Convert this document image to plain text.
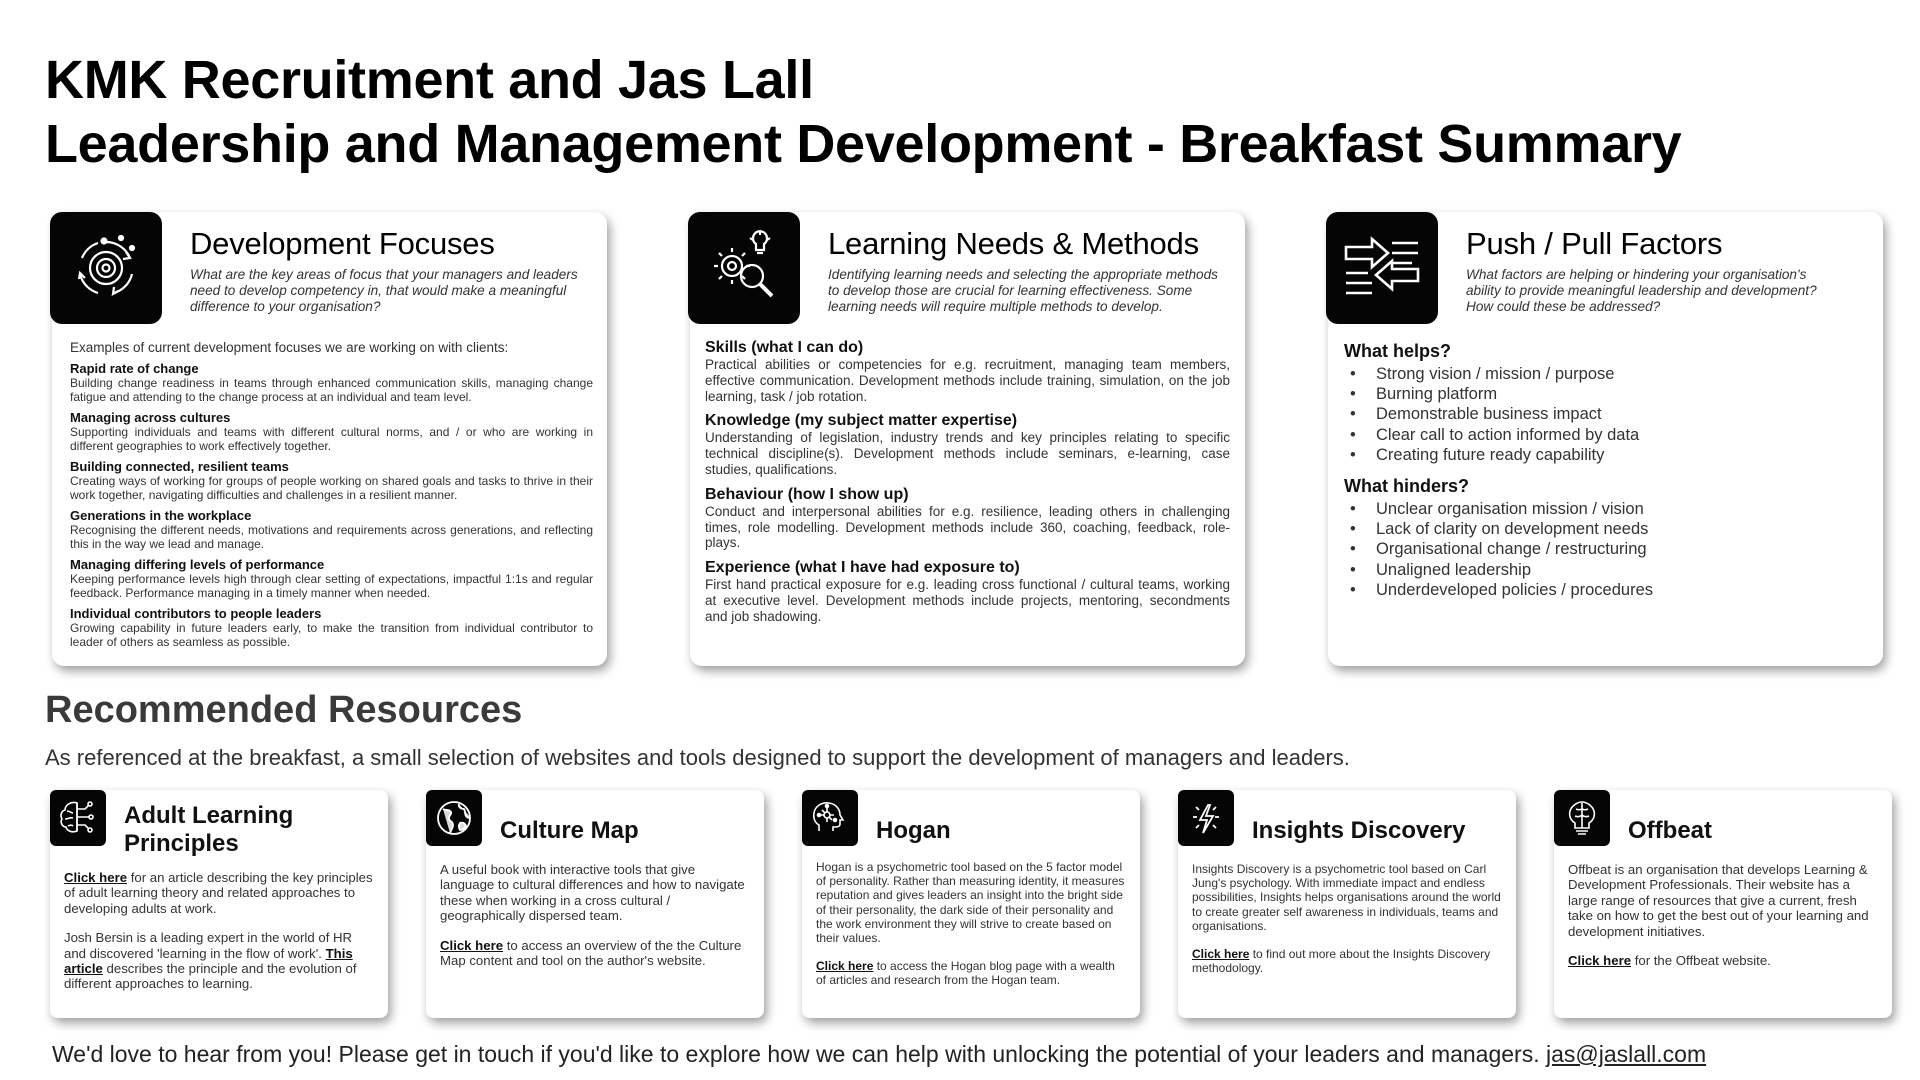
KMK Recruitment and Jas Lall
Leadership and Management Development - Breakfast Summary
Development Focuses
What are the key areas of focus that your managers and leaders need to develop competency in, that would make a meaningful difference to your organisation?
Examples of current development focuses we are working on with clients:
Rapid rate of change
Building change readiness in teams through enhanced communication skills, managing change fatigue and attending to the change process at an individual and team level.
Managing across cultures
Supporting individuals and teams with different cultural norms, and / or who are working in different geographies to work effectively together.
Building connected, resilient teams
Creating ways of working for groups of people working on shared goals and tasks to thrive in their work together, navigating difficulties and challenges in a resilient manner.
Generations in the workplace
Recognising the different needs, motivations and requirements across generations, and reflecting this in the way we lead and manage.
Managing differing levels of performance
Keeping performance levels high through clear setting of expectations, impactful 1:1s and regular feedback. Performance managing in a timely manner when needed.
Individual contributors to people leaders
Growing capability in future leaders early, to make the transition from individual contributor to leader of others as seamless as possible.
Learning Needs & Methods
Identifying learning needs and selecting the appropriate methods to develop those are crucial for learning effectiveness. Some learning needs will require multiple methods to develop.
Skills (what I can do)
Practical abilities or competencies for e.g. recruitment, managing team members, effective communication. Development methods include training, simulation, on the job learning, task / job rotation.
Knowledge (my subject matter expertise)
Understanding of legislation, industry trends and key principles relating to specific technical discipline(s). Development methods include seminars, e-learning, case studies, qualifications.
Behaviour (how I show up)
Conduct and interpersonal abilities for e.g. resilience, leading others in challenging times, role modelling. Development methods include 360, coaching, feedback, role-plays.
Experience (what I have had exposure to)
First hand practical exposure for e.g. leading cross functional / cultural teams, working at executive level. Development methods include projects, mentoring, secondments and job shadowing.
Push / Pull Factors
What factors are helping or hindering your organisation's ability to provide meaningful leadership and development? How could these be addressed?
What helps?
• Strong vision / mission / purpose
• Burning platform
• Demonstrable business impact
• Clear call to action informed by data
• Creating future ready capability
What hinders?
• Unclear organisation mission / vision
• Lack of clarity on development needs
• Organisational change / restructuring
• Unaligned leadership
• Underdeveloped policies / procedures
Recommended Resources
As referenced at the breakfast, a small selection of websites and tools designed to support the development of managers and leaders.
Adult Learning
Principles

Click here for an article describing the key principles of adult learning theory and related approaches to developing adults at work.

Josh Bersin is a leading expert in the world of HR and discovered 'learning in the flow of work'. This article describes the principle and the evolution of different approaches to learning.

Culture Map

A useful book with interactive tools that give language to cultural differences and how to navigate these when working in a cross cultural / geographically dispersed team.

Click here to access an overview of the the Culture Map content and tool on the author's website.

Hogan

Hogan is a psychometric tool based on the 5 factor model of personality. Rather than measuring identity, it measures reputation and gives leaders an insight into the bright side of their personality, the dark side of their personality and the work environment they will strive to create based on their values.

Click here to access the Hogan blog page with a wealth of articles and research from the Hogan team.

Insights Discovery

Insights Discovery is a psychometric tool based on Carl Jung's psychology. With immediate impact and endless possibilities, Insights helps organisations around the world to create greater self awareness in individuals, teams and organisations.

Click here to find out more about the Insights Discovery methodology.

Offbeat

Offbeat is an organisation that develops Learning & Development Professionals. Their website has a large range of resources that give a current, fresh take on how to get the best out of your learning and development initiatives.

Click here for the Offbeat website.

We'd love to hear from you! Please get in touch if you'd like to explore how we can help with unlocking the potential of your leaders and managers. jas@jaslall.com
